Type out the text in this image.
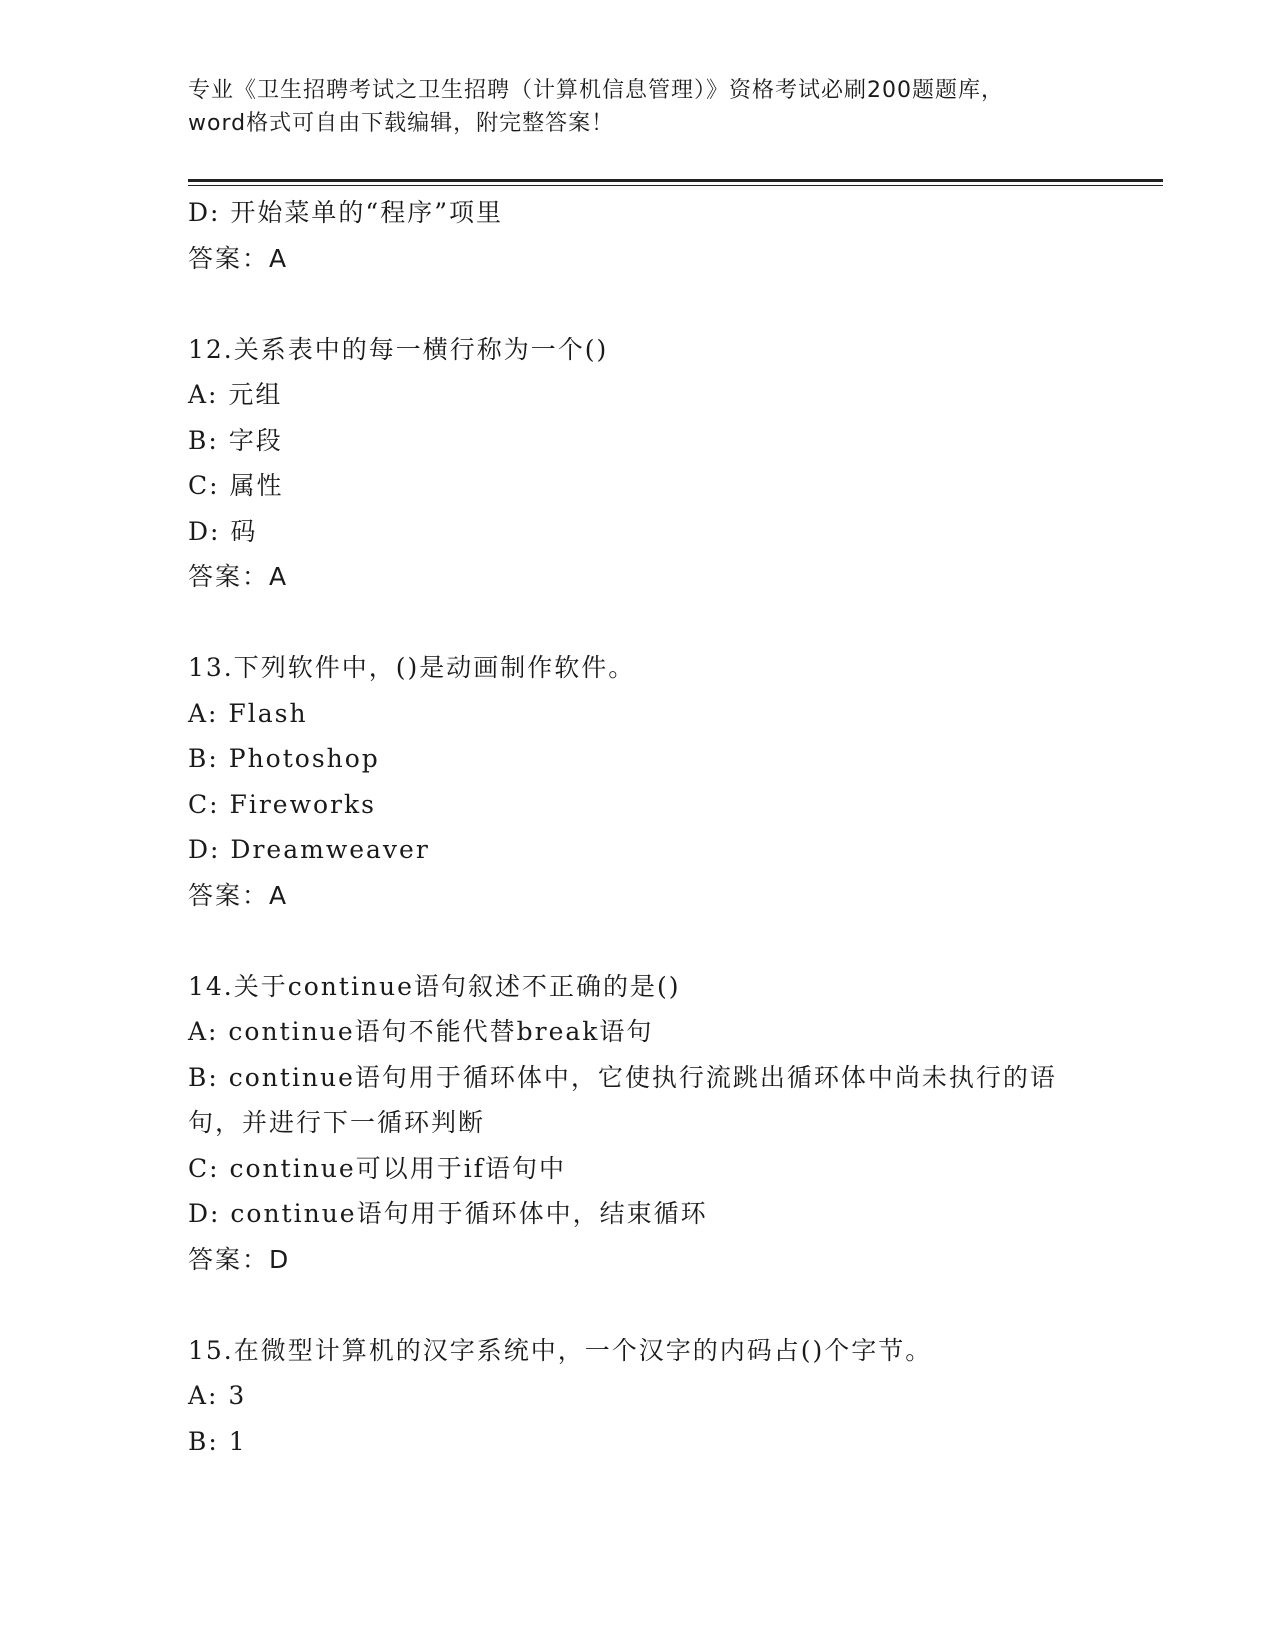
专业《卫生招聘考试之卫生招聘（计算机信息管理）》资格考试必刷200题题库，
word格式可自由下载编辑，附完整答案！
D: 开始菜单的“程序”项里
答案：A
12.关系表中的每一横行称为一个()
A: 元组
B: 字段
C: 属性
D: 码
答案：A
13.下列软件中，()是动画制作软件。
A: Flash
B: Photoshop
C: Fireworks
D: Dreamweaver
答案：A
14.关于continue语句叙述不正确的是()
A: continue语句不能代替break语句
B: continue语句用于循环体中，它使执行流跳出循环体中尚未执行的语句，并进行下一循环判断
C: continue可以用于if语句中
D: continue语句用于循环体中，结束循环
答案：D
15.在微型计算机的汉字系统中，一个汉字的内码占()个字节。
A: 3
B: 1
